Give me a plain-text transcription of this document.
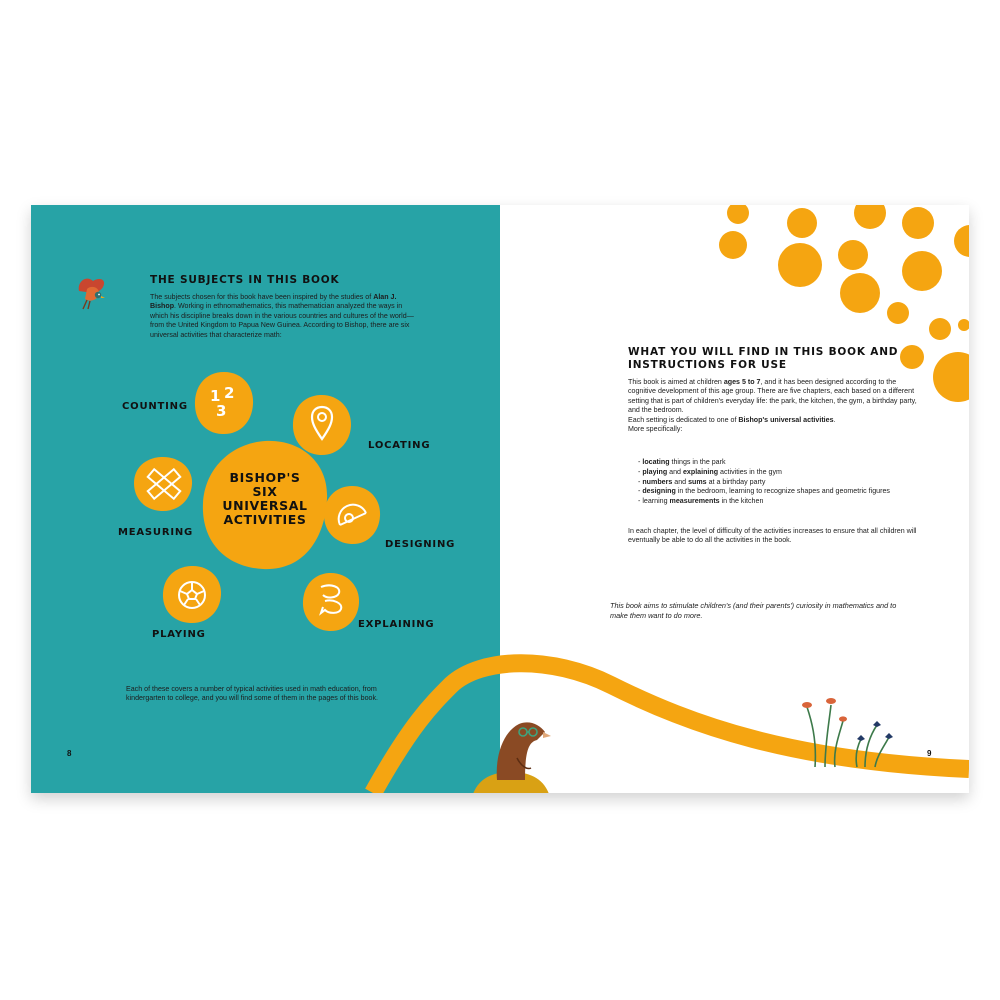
THE SUBJECTS IN THIS BOOK
The subjects chosen for this book have been inspired by the studies of Alan J. Bishop. Working in ethnomathematics, this mathematician analyzed the ways in which his discipline breaks down in the various countries and cultures of the world—from the United Kingdom to Papua New Guinea. According to Bishop, there are six universal activities that characterize math:
BISHOP'S
SIX
UNIVERSAL
ACTIVITIES
1 2
3
COUNTING
LOCATING
MEASURING
DESIGNING
PLAYING
EXPLAINING
Each of these covers a number of typical activities used in math education, from kindergarten to college, and you will find some of them in the pages of this book.
8
WHAT YOU WILL FIND IN THIS BOOK AND
INSTRUCTIONS FOR USE
This book is aimed at children ages 5 to 7, and it has been designed according to the cognitive development of this age group. There are five chapters, each based on a different setting that is part of children's everyday life: the park, the kitchen, the gym, a birthday party, and the bedroom.
Each setting is dedicated to one of Bishop's universal activities.
More specifically:
- locating things in the park
- playing and explaining activities in the gym
- numbers and sums at a birthday party
- designing in the bedroom, learning to recognize shapes and geometric figures
- learning measurements in the kitchen
In each chapter, the level of difficulty of the activities increases to ensure that all children will eventually be able to do all the activities in the book.
This book aims to stimulate children's (and their parents') curiosity in mathematics and to make them want to do more.
9
